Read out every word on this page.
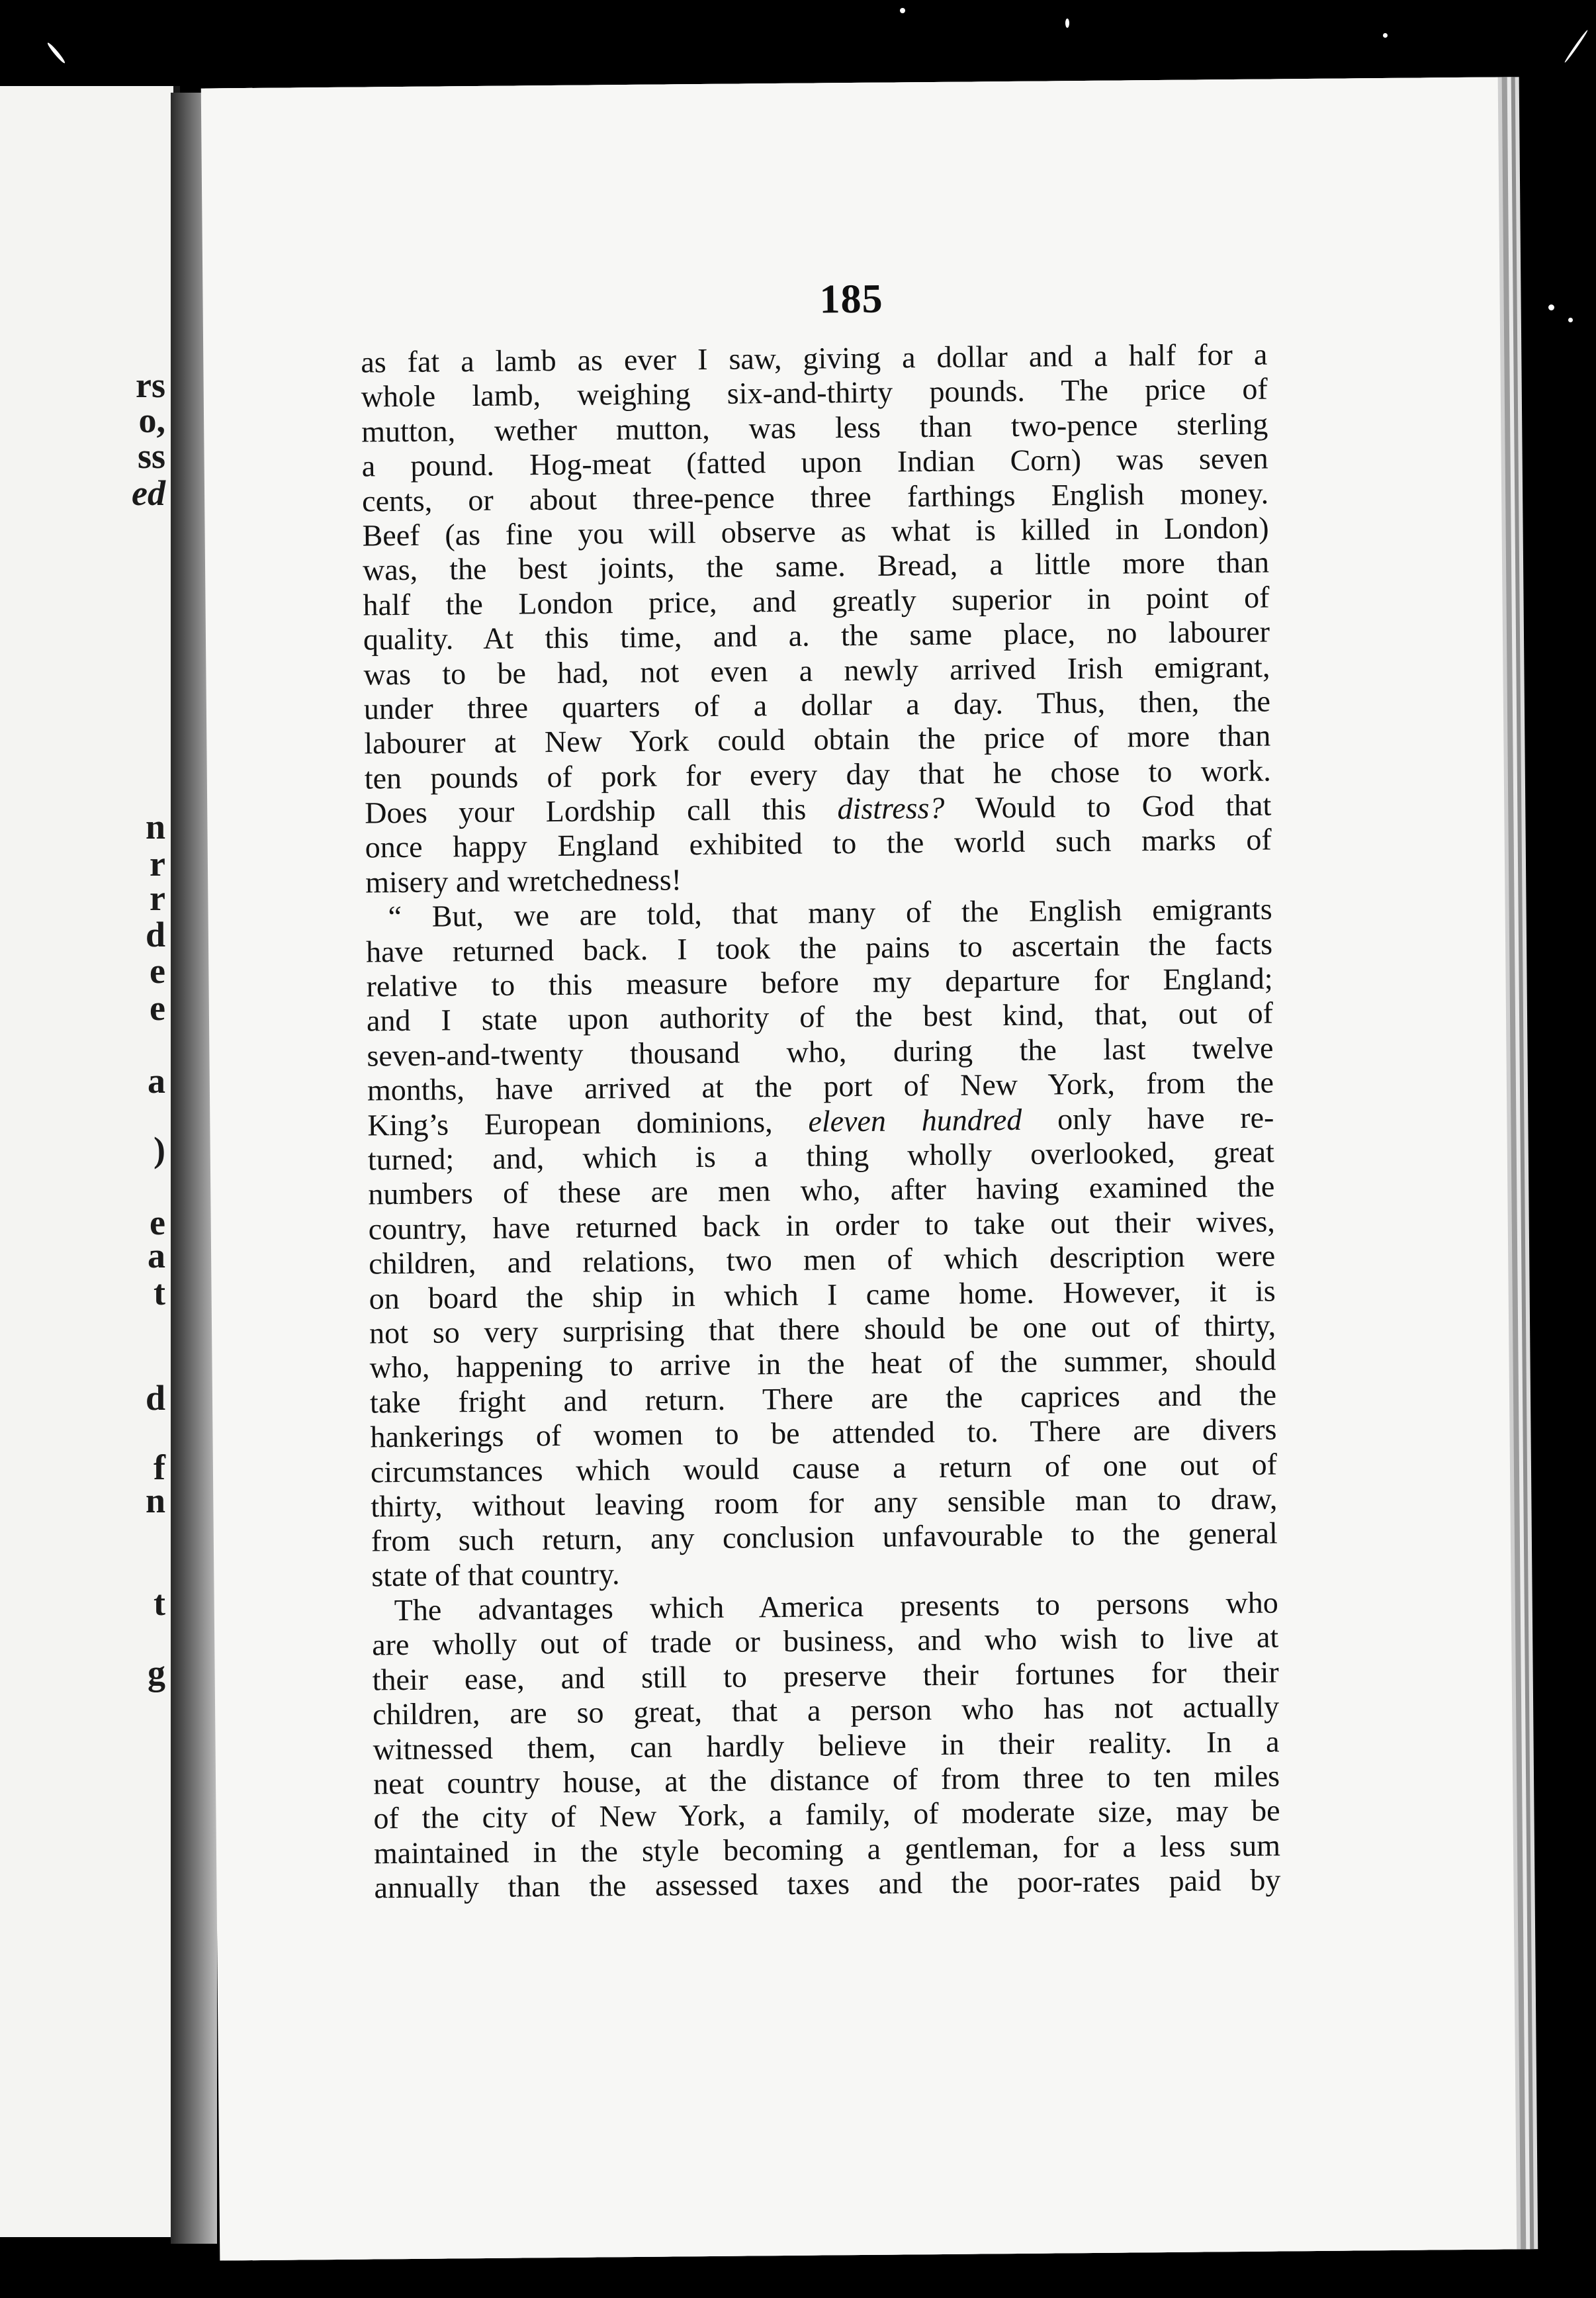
rs
o,
ss
ed
n
r
r
d
e
e
a
)
e
a
t
d
f
n
t
g
185
as fat a lamb as ever I saw, giving a dollar and a half for a
whole lamb, weighing six-and-thirty pounds. The price of
mutton, wether mutton, was less than two-pence sterling
a pound. Hog-meat (fatted upon Indian Corn) was seven
cents, or about three-pence three farthings English money.
Beef (as fine you will observe as what is killed in London)
was, the best joints, the same. Bread, a little more than
half the London price, and greatly superior in point of
quality. At this time, and a. the same place, no labourer
was to be had, not even a newly arrived Irish emigrant,
under three quarters of a dollar a day. Thus, then, the
labourer at New York could obtain the price of more than
ten pounds of pork for every day that he chose to work.
Does your Lordship call this distress? Would to God that
once happy England exhibited to the world such marks of
misery and wretchedness!
“ But, we are told, that many of the English emigrants
have returned back. I took the pains to ascertain the facts
relative to this measure before my departure for England;
and I state upon authority of the best kind, that, out of
seven-and-twenty thousand who, during the last twelve
months, have arrived at the port of New York, from the
King’s European dominions, eleven hundred only have re-
turned; and, which is a thing wholly overlooked, great
numbers of these are men who, after having examined the
country, have returned back in order to take out their wives,
children, and relations, two men of which description were
on board the ship in which I came home. However, it is
not so very surprising that there should be one out of thirty,
who, happening to arrive in the heat of the summer, should
take fright and return. There are the caprices and the
hankerings of women to be attended to. There are divers
circumstances which would cause a return of one out of
thirty, without leaving room for any sensible man to draw,
from such return, any conclusion unfavourable to the general
state of that country.
The advantages which America presents to persons who
are wholly out of trade or business, and who wish to live at
their ease, and still to preserve their fortunes for their
children, are so great, that a person who has not actually
witnessed them, can hardly believe in their reality. In a
neat country house, at the distance of from three to ten miles
of the city of New York, a family, of moderate size, may be
maintained in the style becoming a gentleman, for a less sum
annually than the assessed taxes and the poor-rates paid by
